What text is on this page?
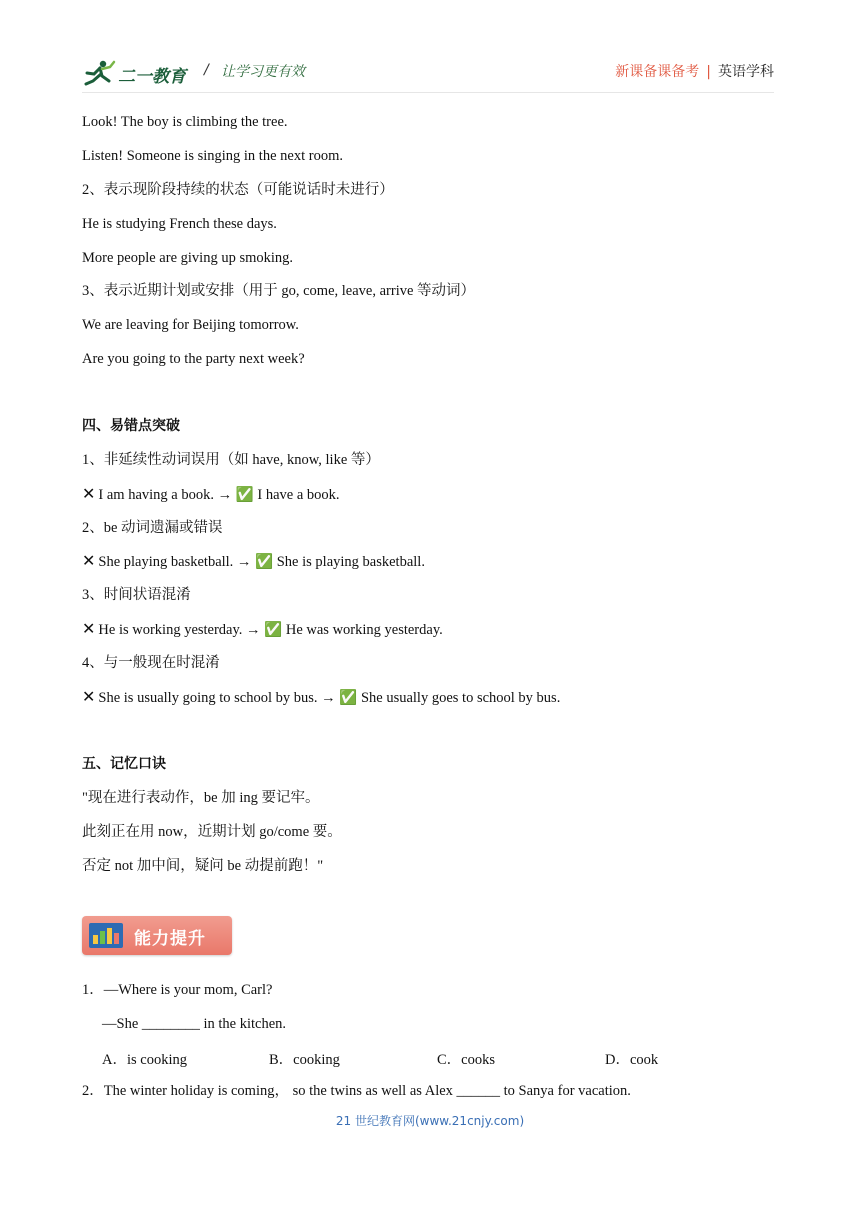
二一教育 / 让学习更有效	新课备课备考 | 英语学科
Look! The boy is climbing the tree.
Listen! Someone is singing in the next room.
2、表示现阶段持续的状态（可能说话时未进行）
He is studying French these days.
More people are giving up smoking.
3、表示近期计划或安排（用于 go, come, leave, arrive 等动词）
We are leaving for Beijing tomorrow.
Are you going to the party next week?
四、易错点突破
1、非延续性动词误用（如 have, know, like 等）
✕ I am having a book. → ✅ I have a book.
2、be 动词遗漏或错误
✕ She playing basketball. → ✅ She is playing basketball.
3、时间状语混淆
✕ He is working yesterday. → ✅ He was working yesterday.
4、与一般现在时混淆
✕ She is usually going to school by bus. → ✅ She usually goes to school by bus.
五、记忆口诀
"现在进行表动作，be 加 ing 要记牢。
此刻正在用 now，近期计划 go/come 要。
否定 not 加中间，疑问 be 动提前跑！"
能力提升
1．—Where is your mom, Carl?
—She ________ in the kitchen.
A．is cooking	B．cooking	C．cooks	D．cook
2．The winter holiday is coming， so the twins as well as Alex ______ to Sanya for vacation.
21 世纪教育网(www.21cnjy.com)
